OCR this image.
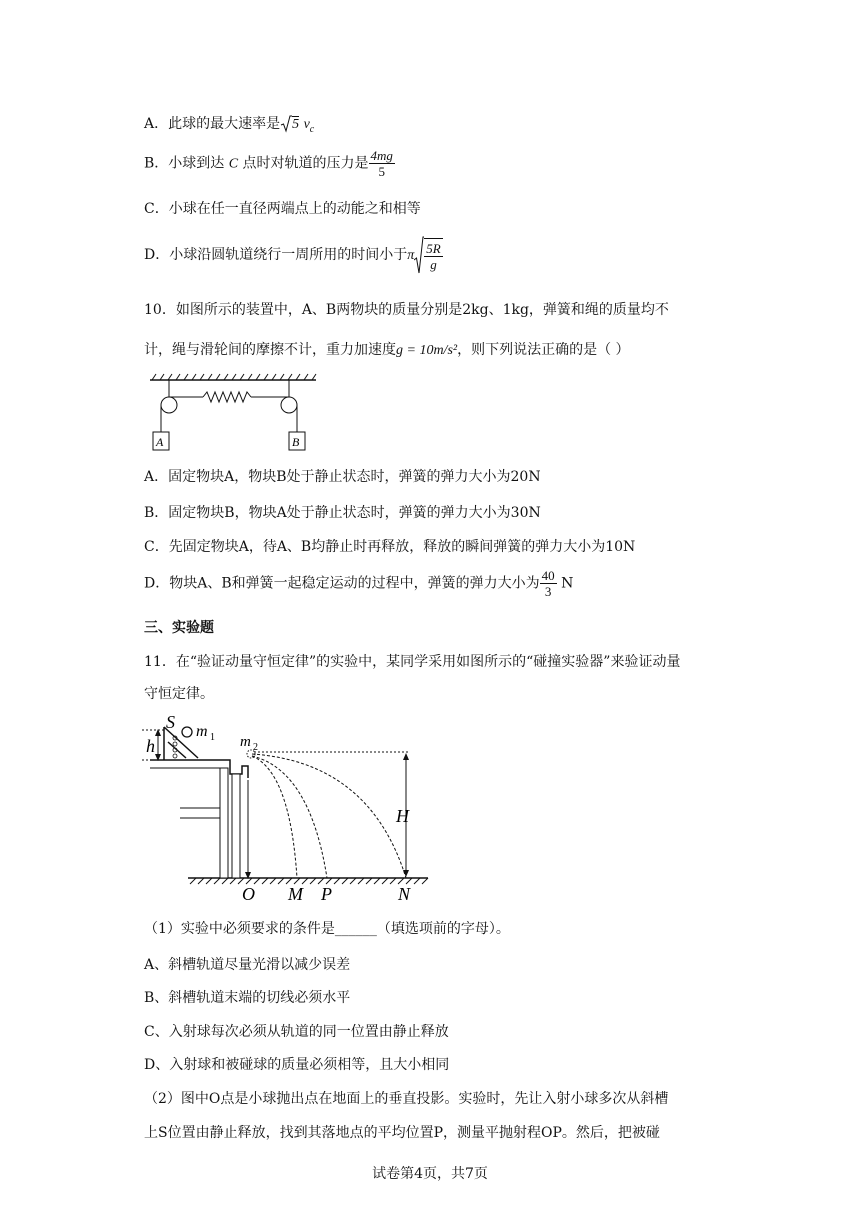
A．此球的最大速率是 5 $v_c$
B．小球到达 C 点时对轨道的压力是 $\frac{4mg}{5}$
C．小球在任一直径两端点上的动能之和相等
D．小球沿圆轨道绕行一周所用的时间小于π $\frac{5R}{g}$
10．如图所示的装置中，A、B两物块的质量分别是2kg、1kg，弹簧和绳的质量均不
计，绳与滑轮间的摩擦不计，重力加速度g = 10m/s²，则下列说法正确的是（ ）
A	B
A．固定物块A，物块B处于静止状态时，弹簧的弹力大小为20N
B．固定物块B，物块A处于静止状态时，弹簧的弹力大小为30N
C．先固定物块A，待A、B均静止时再释放，释放的瞬间弹簧的弹力大小为10N
D．物块A、B和弹簧一起稳定运动的过程中，弹簧的弹力大小为 $\frac{40}{3}$ N
三、实验题
11．在“验证动量守恒定律”的实验中，某同学采用如图所示的“碰撞实验器”来验证动量
守恒定律。
S m 1 m 2
h
H
O M P	N
（1）实验中必须要求的条件是______（填选项前的字母）。
A、斜槽轨道尽量光滑以减少误差
B、斜槽轨道末端的切线必须水平
C、入射球每次必须从轨道的同一位置由静止释放
D、入射球和被碰球的质量必须相等，且大小相同
（2）图中O点是小球抛出点在地面上的垂直投影。实验时，先让入射小球多次从斜槽
上S位置由静止释放，找到其落地点的平均位置P，测量平抛射程OP。然后，把被碰
试卷第4页，共7页
